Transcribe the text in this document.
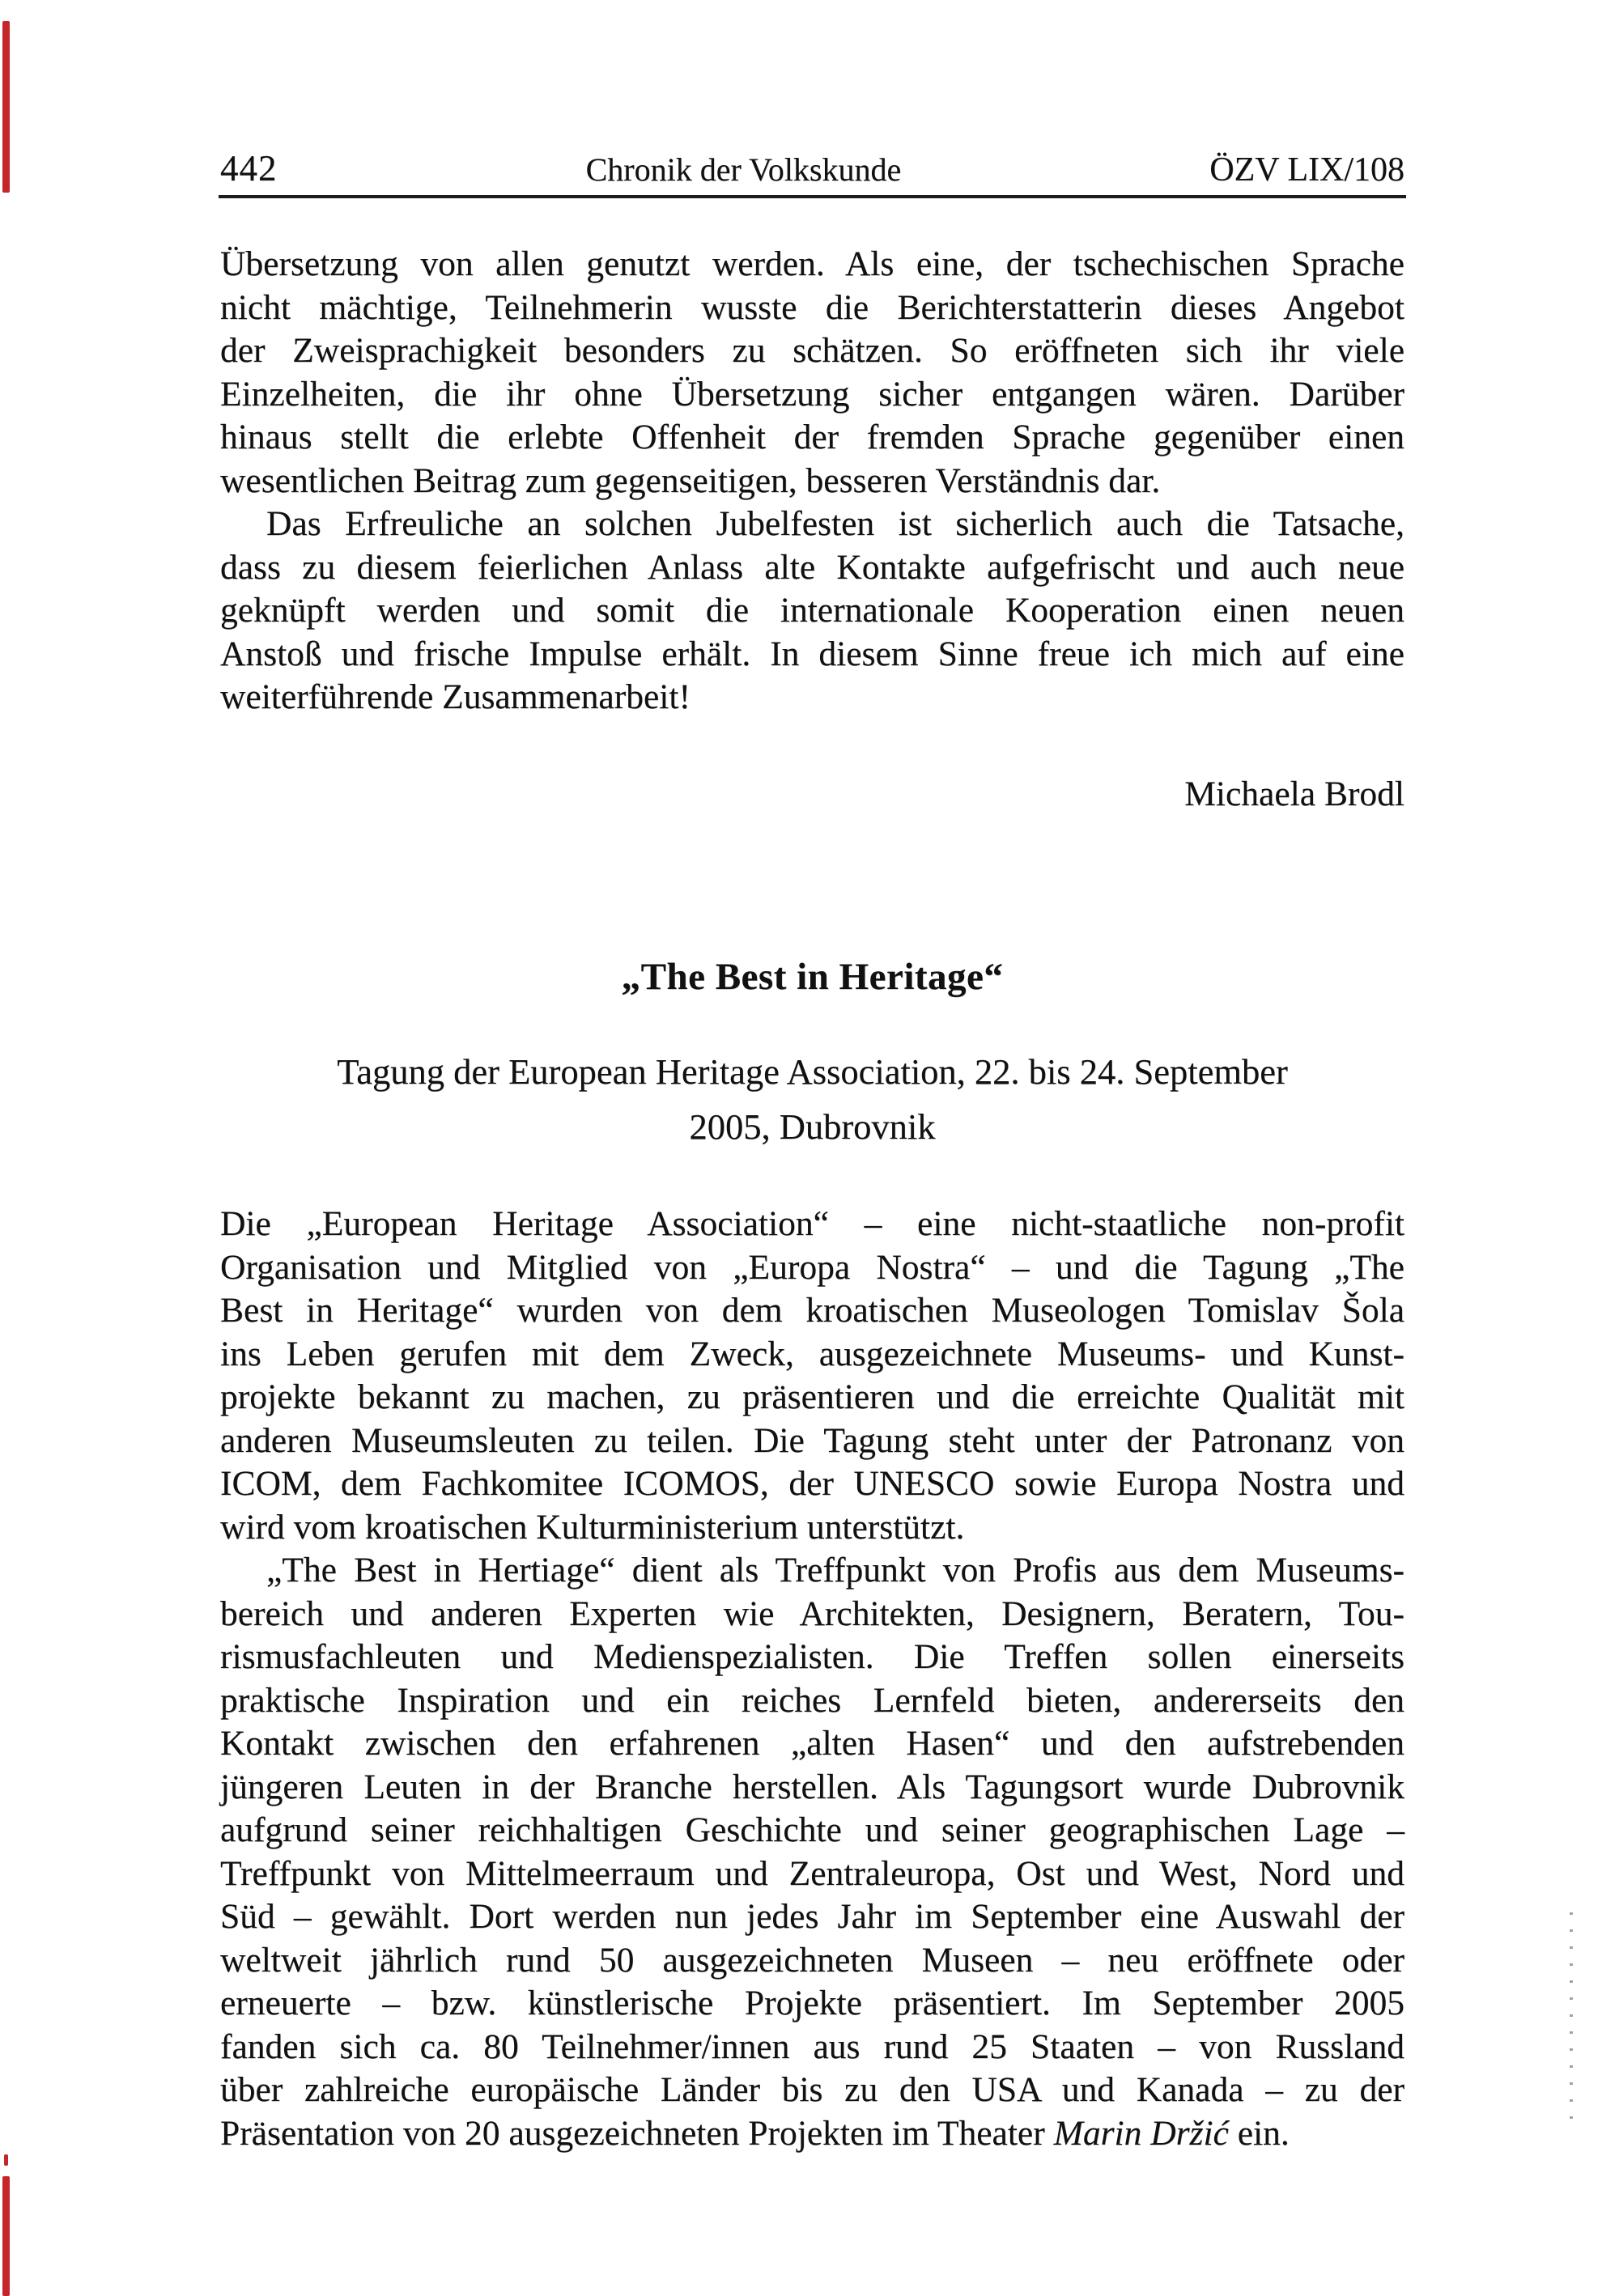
442	Chronik der Volkskunde	ÖZV LIX/108
Übersetzung von allen genutzt werden. Als eine, der tschechischen Sprache
nicht mächtige, Teilnehmerin wusste die Berichterstatterin dieses Angebot
der Zweisprachigkeit besonders zu schätzen. So eröffneten sich ihr viele
Einzelheiten, die ihr ohne Übersetzung sicher entgangen wären. Darüber
hinaus stellt die erlebte Offenheit der fremden Sprache gegenüber einen
wesentlichen Beitrag zum gegenseitigen, besseren Verständnis dar.
Das Erfreuliche an solchen Jubelfesten ist sicherlich auch die Tatsache,
dass zu diesem feierlichen Anlass alte Kontakte aufgefrischt und auch neue
geknüpft werden und somit die internationale Kooperation einen neuen
Anstoß und frische Impulse erhält. In diesem Sinne freue ich mich auf eine
weiterführende Zusammenarbeit!
Michaela Brodl
„The Best in Heritage“
Tagung der European Heritage Association, 22. bis 24. September
2005, Dubrovnik
Die „European Heritage Association“ – eine nicht-staatliche non-profit
Organisation und Mitglied von „Europa Nostra“ – und die Tagung „The
Best in Heritage“ wurden von dem kroatischen Museologen Tomislav Šola
ins Leben gerufen mit dem Zweck, ausgezeichnete Museums- und Kunst-
projekte bekannt zu machen, zu präsentieren und die erreichte Qualität mit
anderen Museumsleuten zu teilen. Die Tagung steht unter der Patronanz von
ICOM, dem Fachkomitee ICOMOS, der UNESCO sowie Europa Nostra und
wird vom kroatischen Kulturministerium unterstützt.
„The Best in Hertiage“ dient als Treffpunkt von Profis aus dem Museums-
bereich und anderen Experten wie Architekten, Designern, Beratern, Tou-
rismusfachleuten und Medienspezialisten. Die Treffen sollen einerseits
praktische Inspiration und ein reiches Lernfeld bieten, andererseits den
Kontakt zwischen den erfahrenen „alten Hasen“ und den aufstrebenden
jüngeren Leuten in der Branche herstellen. Als Tagungsort wurde Dubrovnik
aufgrund seiner reichhaltigen Geschichte und seiner geographischen Lage –
Treffpunkt von Mittelmeerraum und Zentraleuropa, Ost und West, Nord und
Süd – gewählt. Dort werden nun jedes Jahr im September eine Auswahl der
weltweit jährlich rund 50 ausgezeichneten Museen – neu eröffnete oder
erneuerte – bzw. künstlerische Projekte präsentiert. Im September 2005
fanden sich ca. 80 Teilnehmer/innen aus rund 25 Staaten – von Russland
über zahlreiche europäische Länder bis zu den USA und Kanada – zu der
Präsentation von 20 ausgezeichneten Projekten im Theater Marin Držić ein.
